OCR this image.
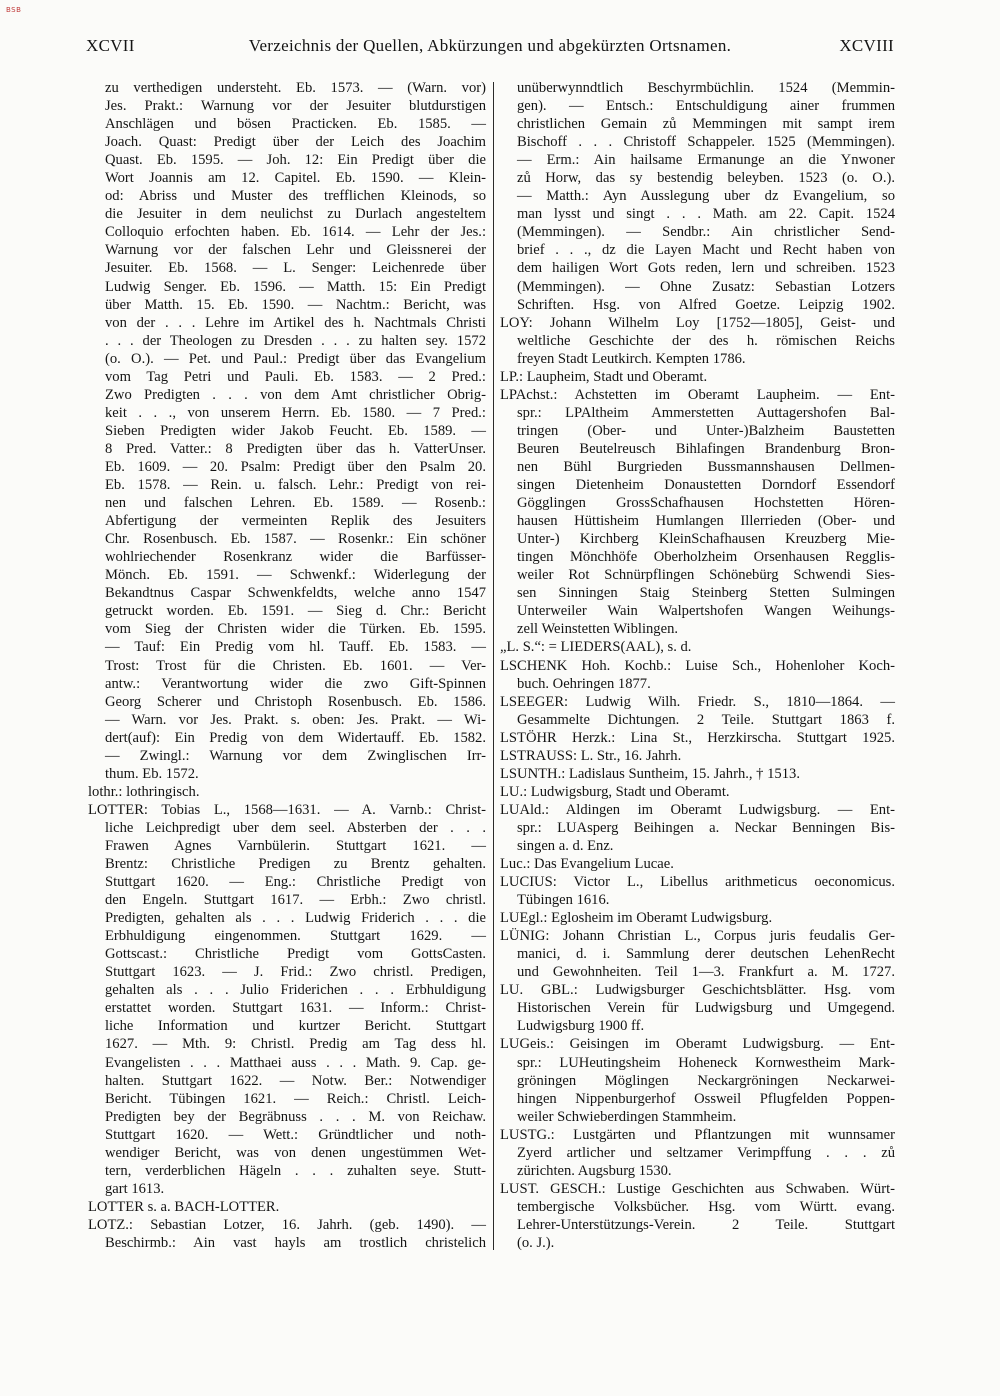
BSB
XCVII	Verzeichnis der Quellen, Abkürzungen und abgekürzten Ortsnamen.	XCVIII
zu verthedigen understeht. Eb. 1573. — (Warn. vor)
Jes. Prakt.: Warnung vor der Jesuiter blutdurstigen
Anschlägen und bösen Practicken. Eb. 1585. —
Joach. Quast: Predigt über der Leich des Joachim
Quast. Eb. 1595. — Joh. 12: Ein Predigt über die
Wort Joannis am 12. Capitel. Eb. 1590. — Klein-
od: Abriss und Muster des trefflichen Kleinods, so
die Jesuiter in dem neulichst zu Durlach angesteltem
Colloquio erfochten haben. Eb. 1614. — Lehr der Jes.:
Warnung vor der falschen Lehr und Gleissnerei der
Jesuiter. Eb. 1568. — L. Senger: Leichenrede über
Ludwig Senger. Eb. 1596. — Matth. 15: Ein Predigt
über Matth. 15. Eb. 1590. — Nachtm.: Bericht, was
von der . . . Lehre im Artikel des h. Nachtmals Christi
. . . der Theologen zu Dresden . . . zu halten sey. 1572
(o. O.). — Pet. und Paul.: Predigt über das Evangelium
vom Tag Petri und Pauli. Eb. 1583. — 2 Pred.:
Zwo Predigten . . . von dem Amt christlicher Obrig-
keit . . ., von unserem Herrn. Eb. 1580. — 7 Pred.:
Sieben Predigten wider Jakob Feucht. Eb. 1589. —
8 Pred. Vatter.: 8 Predigten über das h. VatterUnser.
Eb. 1609. — 20. Psalm: Predigt über den Psalm 20.
Eb. 1578. — Rein. u. falsch. Lehr.: Predigt von rei-
nen und falschen Lehren. Eb. 1589. — Rosenb.:
Abfertigung der vermeinten Replik des Jesuiters
Chr. Rosenbusch. Eb. 1587. — Rosenkr.: Ein schöner
wohlriechender Rosenkranz wider die Barfüsser-
Mönch. Eb. 1591. — Schwenkf.: Widerlegung der
Bekandtnus Caspar Schwenkfeldts, welche anno 1547
getruckt worden. Eb. 1591. — Sieg d. Chr.: Bericht
vom Sieg der Christen wider die Türken. Eb. 1595.
— Tauf: Ein Predig vom hl. Tauff. Eb. 1583. —
Trost: Trost für die Christen. Eb. 1601. — Ver-
antw.: Verantwortung wider die zwo Gift-Spinnen
Georg Scherer und Christoph Rosenbusch. Eb. 1586.
— Warn. vor Jes. Prakt. s. oben: Jes. Prakt. — Wi-
dert(auf): Ein Predig von dem Widertauff. Eb. 1582.
— Zwingl.: Warnung vor dem Zwinglischen Irr-
thum. Eb. 1572.
lothr.: lothringisch.
LOTTER: Tobias L., 1568—1631. — A. Varnb.: Christ-
liche Leichpredigt uber dem seel. Absterben der . . .
Frawen Agnes Varnbülerin. Stuttgart 1621. —
Brentz: Christliche Predigen zu Brentz gehalten.
Stuttgart 1620. — Eng.: Christliche Predigt von
den Engeln. Stuttgart 1617. — Erbh.: Zwo christl.
Predigten, gehalten als . . . Ludwig Friderich . . . die
Erbhuldigung eingenommen. Stuttgart 1629. —
Gottscast.: Christliche Predigt vom GottsCasten.
Stuttgart 1623. — J. Frid.: Zwo christl. Predigen,
gehalten als . . . Julio Friderichen . . . Erbhuldigung
erstattet worden. Stuttgart 1631. — Inform.: Christ-
liche Information und kurtzer Bericht. Stuttgart
1627. — Mth. 9: Christl. Predig am Tag dess hl.
Evangelisten . . . Matthaei auss . . . Math. 9. Cap. ge-
halten. Stuttgart 1622. — Notw. Ber.: Notwendiger
Bericht. Tübingen 1621. — Reich.: Christl. Leich-
Predigten bey der Begräbnuss . . . M. von Reichaw.
Stuttgart 1620. — Wett.: Gründtlicher und noth-
wendiger Bericht, was von denen ungestümmen Wet-
tern, verderblichen Hägeln . . . zuhalten seye. Stutt-
gart 1613.
LOTTER s. a. BACH-LOTTER.
LOTZ.: Sebastian Lotzer, 16. Jahrh. (geb. 1490). —
Beschirmb.: Ain vast hayls am trostlich christelich
unüberwynndtlich Beschyrmbüchlin. 1524 (Memmin-
gen). — Entsch.: Entschuldigung ainer frummen
christlichen Gemain zů Memmingen mit sampt irem
Bischoff . . . Christoff Schappeler. 1525 (Memmingen).
— Erm.: Ain hailsame Ermanunge an die Ynwoner
zů Horw, das sy bestendig beleyben. 1523 (o. O.).
— Matth.: Ayn Ausslegung uber dz Evangelium, so
man lysst und singt . . . Math. am 22. Capit. 1524
(Memmingen). — Sendbr.: Ain christlicher Send-
brief . . ., dz die Layen Macht und Recht haben von
dem hailigen Wort Gots reden, lern und schreiben. 1523
(Memmingen). — Ohne Zusatz: Sebastian Lotzers
Schriften. Hsg. von Alfred Goetze. Leipzig 1902.
LOY: Johann Wilhelm Loy [1752—1805], Geist- und
weltliche Geschichte der des h. römischen Reichs
freyen Stadt Leutkirch. Kempten 1786.
LP.: Laupheim, Stadt und Oberamt.
LPAchst.: Achstetten im Oberamt Laupheim. — Ent-
spr.: LPAltheim Ammerstetten Auttagershofen Bal-
tringen (Ober- und Unter-)Balzheim Baustetten
Beuren Beutelreusch Bihlafingen Brandenburg Bron-
nen Bühl Burgrieden Bussmannshausen Dellmen-
singen Dietenheim Donaustetten Dorndorf Essendorf
Gögglingen GrossSchafhausen Hochstetten Hören-
hausen Hüttisheim Humlangen Illerrieden (Ober- und
Unter-) Kirchberg KleinSchafhausen Kreuzberg Mie-
tingen Mönchhöfe Oberholzheim Orsenhausen Regglis-
weiler Rot Schnürpflingen Schönebürg Schwendi Sies-
sen Sinningen Staig Steinberg Stetten Sulmingen
Unterweiler Wain Walpertshofen Wangen Weihungs-
zell Weinstetten Wiblingen.
„L. S.“: = LIEDERS(AAL), s. d.
LSCHENK Hoh. Kochb.: Luise Sch., Hohenloher Koch-
buch. Oehringen 1877.
LSEEGER: Ludwig Wilh. Friedr. S., 1810—1864. —
Gesammelte Dichtungen. 2 Teile. Stuttgart 1863 f.
LSTÖHR Herzk.: Lina St., Herzkirscha. Stuttgart 1925.
LSTRAUSS: L. Str., 16. Jahrh.
LSUNTH.: Ladislaus Suntheim, 15. Jahrh., † 1513.
LU.: Ludwigsburg, Stadt und Oberamt.
LUAld.: Aldingen im Oberamt Ludwigsburg. — Ent-
spr.: LUAsperg Beihingen a. Neckar Benningen Bis-
singen a. d. Enz.
Luc.: Das Evangelium Lucae.
LUCIUS: Victor L., Libellus arithmeticus oeconomicus.
Tübingen 1616.
LUEgl.: Eglosheim im Oberamt Ludwigsburg.
LÜNIG: Johann Christian L., Corpus juris feudalis Ger-
manici, d. i. Sammlung derer deutschen LehenRecht
und Gewohnheiten. Teil 1—3. Frankfurt a. M. 1727.
LU. GBL.: Ludwigsburger Geschichtsblätter. Hsg. vom
Historischen Verein für Ludwigsburg und Umgegend.
Ludwigsburg 1900 ff.
LUGeis.: Geisingen im Oberamt Ludwigsburg. — Ent-
spr.: LUHeutingsheim Hoheneck Kornwestheim Mark-
gröningen Möglingen Neckargröningen Neckarwei-
hingen Nippenburgerhof Ossweil Pflugfelden Poppen-
weiler Schwieberdingen Stammheim.
LUSTG.: Lustgärten und Pflantzungen mit wunnsamer
Zyerd artlicher und seltzamer Verimpffung . . . zů
zürichten. Augsburg 1530.
LUST. GESCH.: Lustige Geschichten aus Schwaben. Würt-
tembergische Volksbücher. Hsg. vom Württ. evang.
Lehrer-Unterstützungs-Verein. 2 Teile. Stuttgart
(o. J.).
